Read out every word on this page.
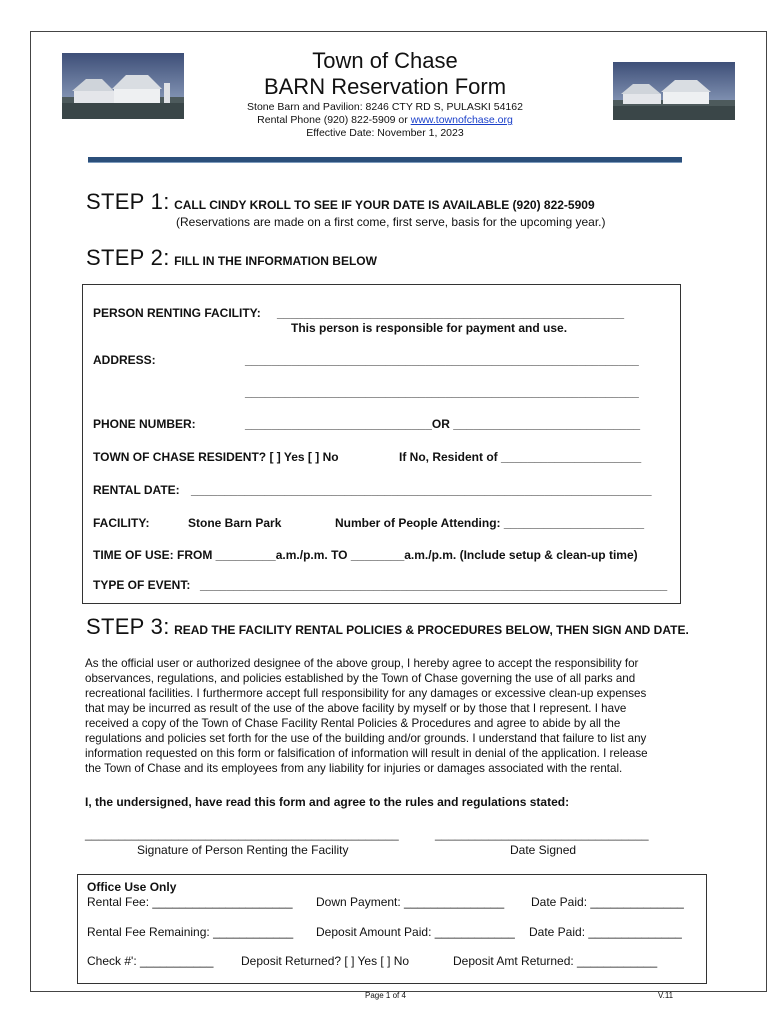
Town of Chase
BARN Reservation Form
Stone Barn and Pavilion: 8246 CTY RD S, PULASKI 54162
Rental Phone (920) 822-5909 or www.townofchase.org
Effective Date: November 1, 2023
STEP 1: CALL CINDY KROLL TO SEE IF YOUR DATE IS AVAILABLE (920) 822-5909
(Reservations are made on a first come, first serve, basis for the upcoming year.)
STEP 2: FILL IN THE INFORMATION BELOW
PERSON RENTING FACILITY: ____________________________________________________
This person is responsible for payment and use.
ADDRESS:	___________________________________________________________
___________________________________________________________
PHONE NUMBER:	____________________________OR ____________________________
TOWN OF CHASE RESIDENT? [ ] Yes [ ] No	If No, Resident of _____________________
RENTAL DATE: _____________________________________________________________________
FACILITY:	Stone Barn Park	Number of People Attending: _____________________
TIME OF USE: FROM _________a.m./p.m. TO ________a.m./p.m. (Include setup & clean-up time)
TYPE OF EVENT: ______________________________________________________________________
STEP 3: READ THE FACILITY RENTAL POLICIES & PROCEDURES BELOW, THEN SIGN AND DATE.
As the official user or authorized designee of the above group, I hereby agree to accept the responsibility for
observances, regulations, and policies established by the Town of Chase governing the use of all parks and
recreational facilities. I furthermore accept full responsibility for any damages or excessive clean-up expenses
that may be incurred as result of the use of the above facility by myself or by those that I represent. I have
received a copy of the Town of Chase Facility Rental Policies & Procedures and agree to abide by all the
regulations and policies set forth for the use of the building and/or grounds. I understand that failure to list any
information requested on this form or falsification of information will result in denial of the application. I release
the Town of Chase and its employees from any liability for injuries or damages associated with the rental.
I, the undersigned, have read this form and agree to the rules and regulations stated:
_______________________________________________	________________________________
Signature of Person Renting the Facility	Date Signed
Office Use Only
Rental Fee: _____________________ Down Payment: _______________ Date Paid: ______________
Rental Fee Remaining: ____________ Deposit Amount Paid: ____________ Date Paid: ______________
Check #': ___________ Deposit Returned? [ ] Yes [ ] No	Deposit Amt Returned: ____________
Page 1 of 4	V.11
